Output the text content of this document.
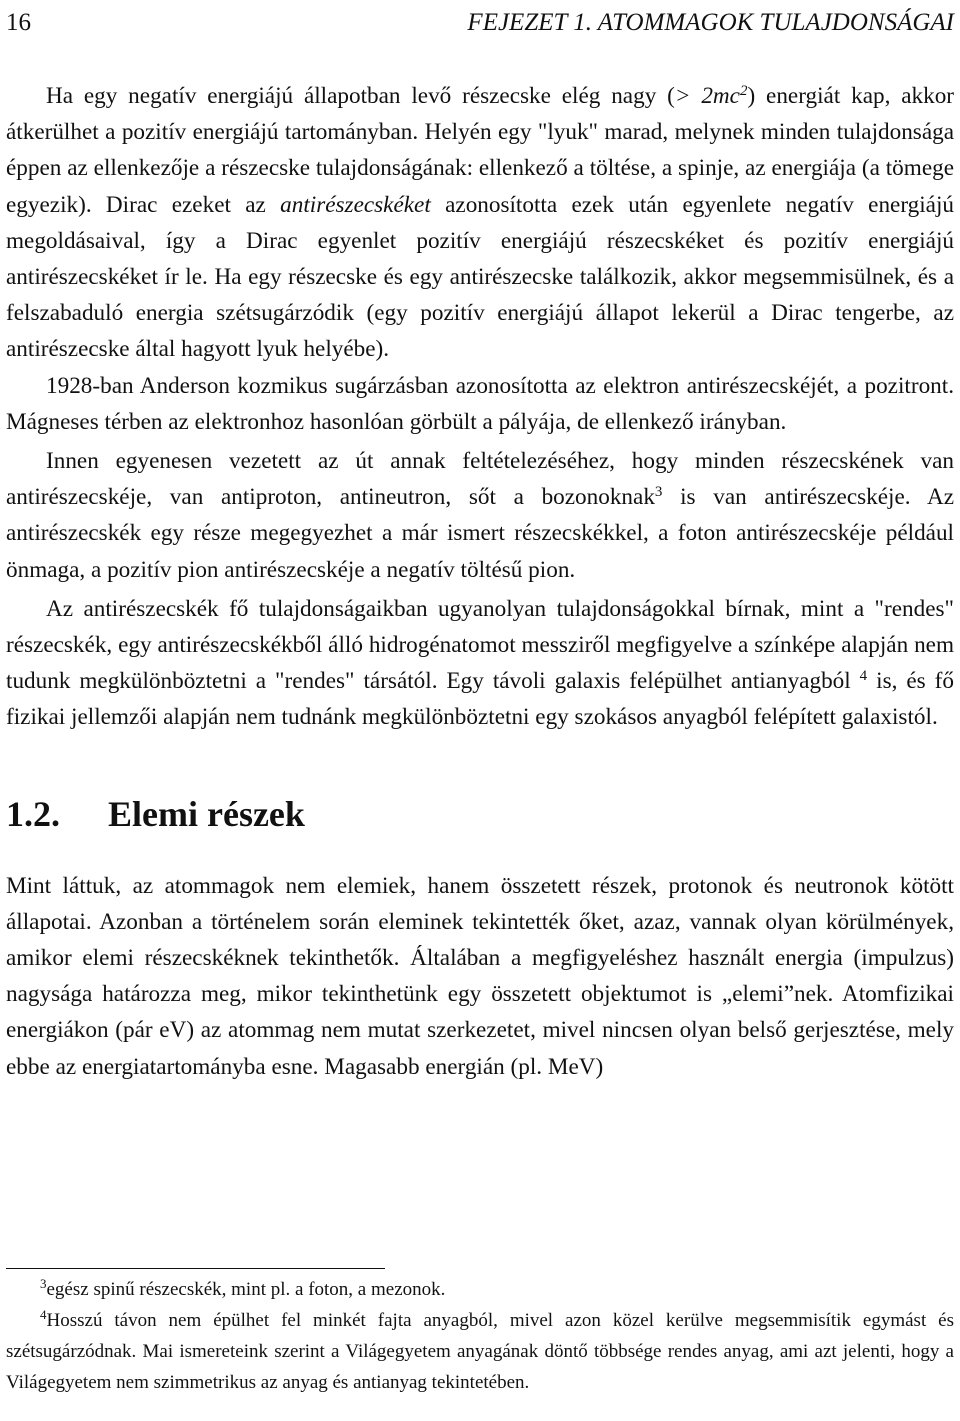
16	FEJEZET 1. ATOMMAGOK TULAJDONSÁGAI

Ha egy negatív energiájú állapotban levő részecske elég nagy (> $2mc^2$) energiát kap, akkor átkerülhet a pozitív energiájú tartományban. Helyén egy "lyuk" marad, melynek minden tulajdonsága éppen az ellenkezője a részecske tulajdonságának: ellenkező a töltése, a spinje, az energiája (a tömege egyezik). Dirac ezeket az antirészecskéket azonosította ezek után egyenlete negatív energiájú megoldásaival, így a Dirac egyenlet pozitív energiájú részecskéket és pozitív energiájú antirészecskéket ír le. Ha egy részecske és egy antirészecske találkozik, akkor megsemmisülnek, és a felszabaduló energia szétsugárzódik (egy pozitív energiájú állapot lekerül a Dirac tengerbe, az antirészecske által hagyott lyuk helyébe).

1928-ban Anderson kozmikus sugárzásban azonosította az elektron antirészecskéjét, a pozitront. Mágneses térben az elektronhoz hasonlóan görbült a pályája, de ellenkező irányban.

Innen egyenesen vezetett az út annak feltételezéséhez, hogy minden részecskének van antirészecskéje, van antiproton, antineutron, sőt a bozonoknak$^3$ is van antirészecskéje. Az antirészecskék egy része megegyezhet a már ismert részecskékkel, a foton antirészecskéje például önmaga, a pozitív pion antirészecskéje a negatív töltésű pion.

Az antirészecskék fő tulajdonságaikban ugyanolyan tulajdonságokkal bírnak, mint a "rendes" részecskék, egy antirészecskékből álló hidrogénatomot messziről megfigyelve a színképe alapján nem tudunk megkülönböztetni a "rendes" társától. Egy távoli galaxis felépülhet antianyagból $^4$ is, és fő fizikai jellemzői alapján nem tudnánk megkülönböztetni egy szokásos anyagból felépített galaxistól.

1.2. Elemi részek

Mint láttuk, az atommagok nem elemiek, hanem összetett részek, protonok és neutronok kötött állapotai. Azonban a történelem során eleminek tekintették őket, azaz, vannak olyan körülmények, amikor elemi részecskéknek tekinthetők. Általában a megfigyeléshez használt energia (impulzus) nagysága határozza meg, mikor tekinthetünk egy összetett objektumot is „elemi”nek. Atomfizikai energiákon (pár eV) az atommag nem mutat szerkezetet, mivel nincsen olyan belső gerjesztése, mely ebbe az energiatartományba esne. Magasabb energián (pl. MeV)

$^3$egész spinű részecskék, mint pl. a foton, a mezonok.

$^4$Hosszú távon nem épülhet fel minkét fajta anyagból, mivel azon közel kerülve megsemmisítik egymást és szétsugárzódnak. Mai ismereteink szerint a Világegyetem anyagának döntő többsége rendes anyag, ami azt jelenti, hogy a Világegyetem nem szimmetrikus az anyag és antianyag tekintetében.
